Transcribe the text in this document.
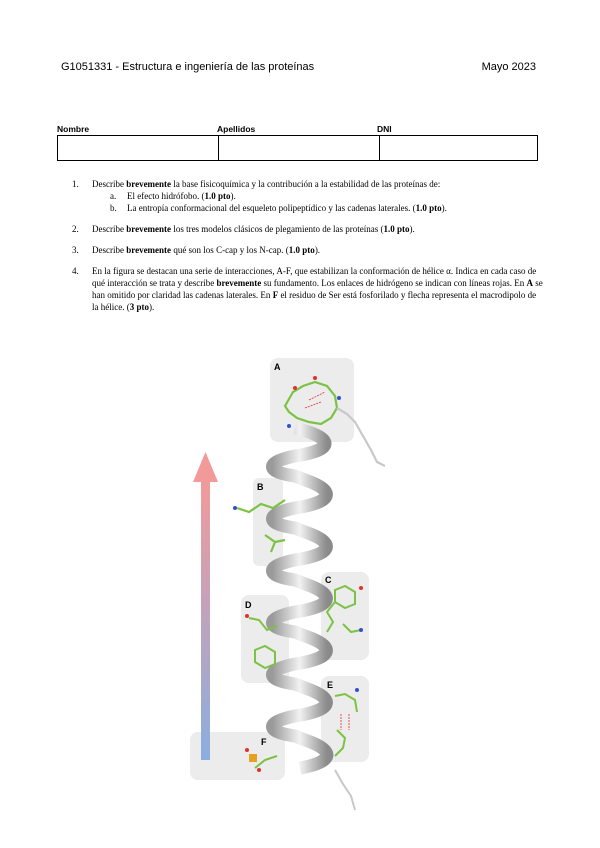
G1051331 - Estructura e ingeniería de las proteínas	Mayo 2023
Nombre	Apellidos	DNI
1.	Describe brevemente la base fisicoquímica y la contribución a la estabilidad de las proteínas de:
a.	El efecto hidrófobo. (1.0 pto).
b.	La entropía conformacional del esqueleto polipeptídico y las cadenas laterales. (1.0 pto).
2.	Describe brevemente los tres modelos clásicos de plegamiento de las proteínas (1.0 pto).
3.	Describe brevemente qué son los C-cap y los N-cap. (1.0 pto).
4.	En la figura se destacan una serie de interacciones, A-F, que estabilizan la conformación de hélice α. Indica en cada caso de qué interacción se trata y describe brevemente su fundamento. Los enlaces de hidrógeno se indican con líneas rojas. En A se han omitido por claridad las cadenas laterales. En F el residuo de Ser está fosforilado y flecha representa el macrodipolo de la hélice. (3 pto).
A
B
C
D
E
F
